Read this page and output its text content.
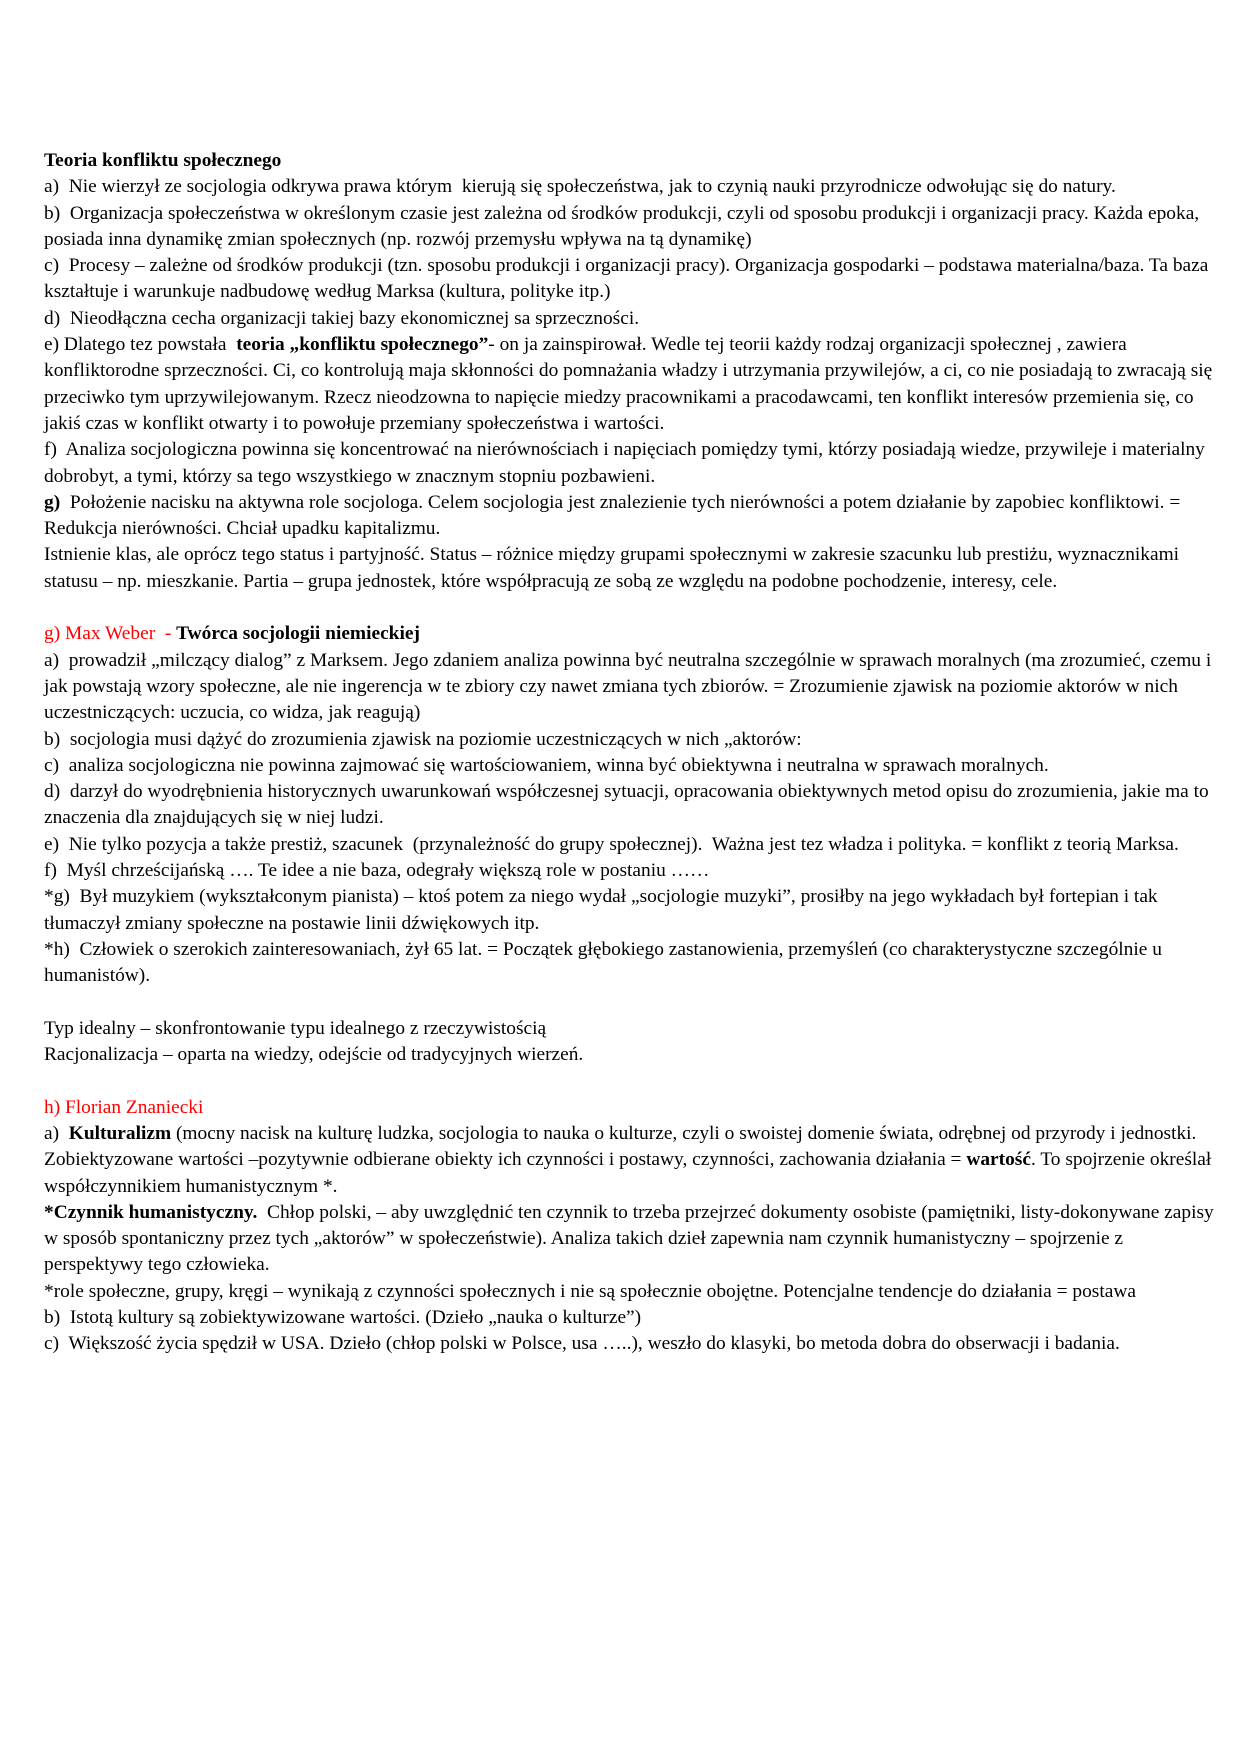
Teoria konfliktu społecznego

a)  Nie wierzył ze socjologia odkrywa prawa którym  kierują się społeczeństwa, jak to czynią nauki przyrodnicze odwołując się do natury.

b)  Organizacja społeczeństwa w określonym czasie jest zależna od środków produkcji, czyli od sposobu produkcji i organizacji pracy. Każda epoka, posiada inna dynamikę zmian społecznych (np. rozwój przemysłu wpływa na tą dynamikę)

c)  Procesy – zależne od środków produkcji (tzn. sposobu produkcji i organizacji pracy). Organizacja gospodarki – podstawa materialna/baza. Ta baza kształtuje i warunkuje nadbudowę według Marksa (kultura, polityke itp.)

d)  Nieodłączna cecha organizacji takiej bazy ekonomicznej sa sprzeczności.

e) Dlatego tez powstała  teoria „konfliktu społecznego”- on ja zainspirował. Wedle tej teorii każdy rodzaj organizacji społecznej , zawiera konfliktorodne sprzeczności. Ci, co kontrolują maja skłonności do pomnażania władzy i utrzymania przywilejów, a ci, co nie posiadają to zwracają się przeciwko tym uprzywilejowanym. Rzecz nieodzowna to napięcie miedzy pracownikami a pracodawcami, ten konflikt interesów przemienia się, co jakiś czas w konflikt otwarty i to powołuje przemiany społeczeństwa i wartości.

f)  Analiza socjologiczna powinna się koncentrować na nierównościach i napięciach pomiędzy tymi, którzy posiadają wiedze, przywileje i materialny dobrobyt, a tymi, którzy sa tego wszystkiego w znacznym stopniu pozbawieni.

g)  Położenie nacisku na aktywna role socjologa. Celem socjologia jest znalezienie tych nierówności a potem działanie by zapobiec konfliktowi. = Redukcja nierówności. Chciał upadku kapitalizmu.

Istnienie klas, ale oprócz tego status i partyjność. Status – różnice między grupami społecznymi w zakresie szacunku lub prestiżu, wyznacznikami statusu – np. mieszkanie. Partia – grupa jednostek, które współpracują ze sobą ze względu na podobne pochodzenie, interesy, cele.

g) Max Weber  - Twórca socjologii niemieckiej

a)  prowadził „milczący dialog” z Marksem. Jego zdaniem analiza powinna być neutralna szczególnie w sprawach moralnych (ma zrozumieć, czemu i jak powstają wzory społeczne, ale nie ingerencja w te zbiory czy nawet zmiana tych zbiorów. = Zrozumienie zjawisk na poziomie aktorów w nich uczestniczących: uczucia, co widza, jak reagują)

b)  socjologia musi dążyć do zrozumienia zjawisk na poziomie uczestniczących w nich „aktorów:

c)  analiza socjologiczna nie powinna zajmować się wartościowaniem, winna być obiektywna i neutralna w sprawach moralnych.

d)  darzył do wyodrębnienia historycznych uwarunkowań współczesnej sytuacji, opracowania obiektywnych metod opisu do zrozumienia, jakie ma to znaczenia dla znajdujących się w niej ludzi.

e)  Nie tylko pozycja a także prestiż, szacunek  (przynależność do grupy społecznej).  Ważna jest tez władza i polityka. = konflikt z teorią Marksa.

f)  Myśl chrześcijańską …. Te idee a nie baza, odegrały większą role w postaniu ……

*g)  Był muzykiem (wykształconym pianista) – ktoś potem za niego wydał „socjologie muzyki”, prosiłby na jego wykładach był fortepian i tak tłumaczył zmiany społeczne na postawie linii dźwiękowych itp.

*h)  Człowiek o szerokich zainteresowaniach, żył 65 lat. = Początek głębokiego zastanowienia, przemyśleń (co charakterystyczne szczególnie u humanistów).

Typ idealny – skonfrontowanie typu idealnego z rzeczywistością

Racjonalizacja – oparta na wiedzy, odejście od tradycyjnych wierzeń.

h) Florian Znaniecki

a)  Kulturalizm (mocny nacisk na kulturę ludzka, socjologia to nauka o kulturze, czyli o swoistej domenie świata, odrębnej od przyrody i jednostki. Zobiektyzowane wartości –pozytywnie odbierane obiekty ich czynności i postawy, czynności, zachowania działania = wartość. To spojrzenie określał współczynnikiem humanistycznym *.

*Czynnik humanistyczny.  Chłop polski, – aby uwzględnić ten czynnik to trzeba przejrzeć dokumenty osobiste (pamiętniki, listy-dokonywane zapisy w sposób spontaniczny przez tych „aktorów” w społeczeństwie). Analiza takich dzieł zapewnia nam czynnik humanistyczny – spojrzenie z perspektywy tego człowieka.

*role społeczne, grupy, kręgi – wynikają z czynności społecznych i nie są społecznie obojętne. Potencjalne tendencje do działania = postawa

b)  Istotą kultury są zobiektywizowane wartości. (Dzieło „nauka o kulturze”)

c)  Większość życia spędził w USA. Dzieło (chłop polski w Polsce, usa …..), weszło do klasyki, bo metoda dobra do obserwacji i badania.
